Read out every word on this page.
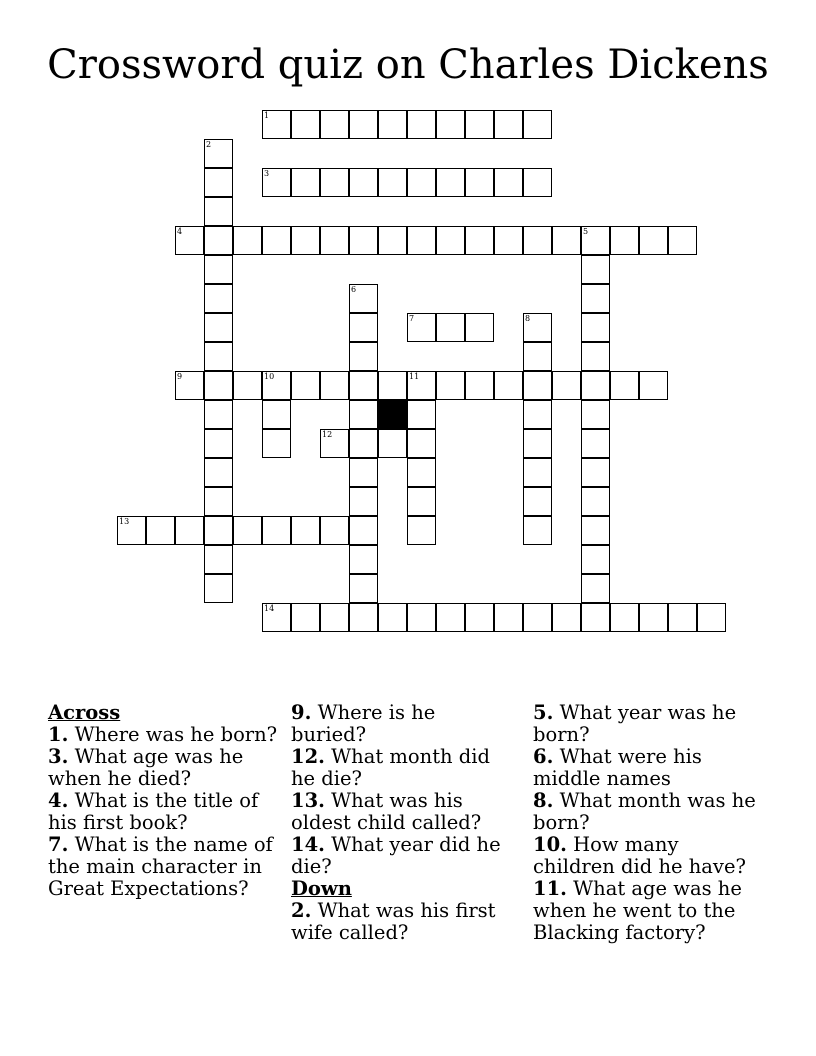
Crossword quiz on Charles Dickens
1
2
3
4	5
6
7	8
9	10	11
12
13
14
Across
1. Where was he born?
3. What age was he when he died?
4. What is the title of his first book?
7. What is the name of the main character in Great Expectations?
9. Where is he buried?
12. What month did he die?
13. What was his oldest child called?
14. What year did he die?
Down
2. What was his first wife called?
5. What year was he born?
6. What were his middle names
8. What month was he born?
10. How many children did he have?
11. What age was he when he went to the Blacking factory?
